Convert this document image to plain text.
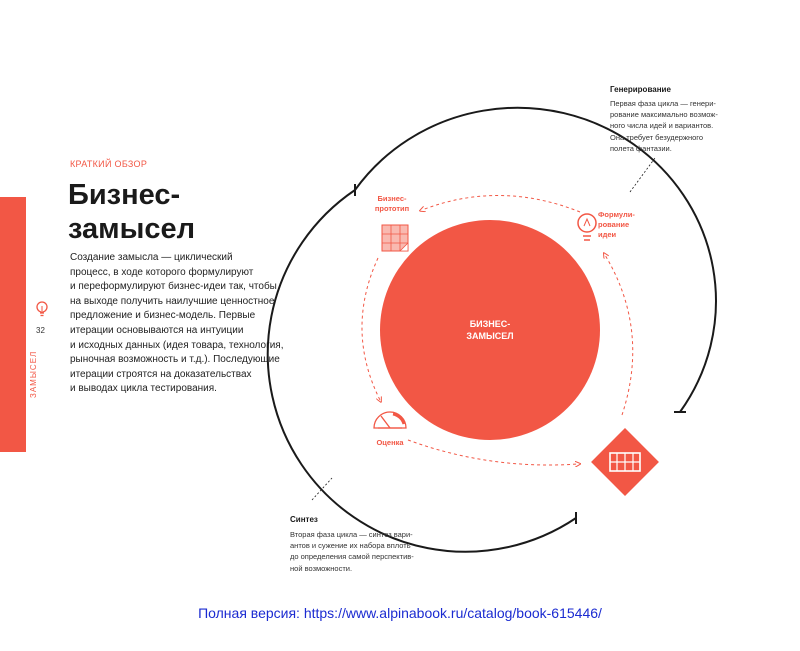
32
ЗАМЫСЕЛ
КРАТКИЙ ОБЗОР
Бизнес-
замысел

Создание замысла — циклический
процесс, в ходе которого формулируют
и переформулируют бизнес-идеи так, чтобы
на выходе получить наилучшие ценностное
предложение и бизнес-модель. Первые
итерации основываются на интуиции
и исходных данных (идея товара, технология,
рыночная возможность и т.д.). Последующие
итерации строятся на доказательствах
и выводах цикла тестирования.

БИЗНЕС-
ЗАМЫСЕЛ
Бизнес-
прототип
Формули-
рование
идеи
Оценка
Генерирование

Первая фаза цикла — генери-
рование максимально возмож-
ного числа идей и вариантов.
Она требует безудержного
полета фантазии.

Синтез

Вторая фаза цикла — синтез вари-
антов и сужение их набора вплоть
до определения самой перспектив-
ной возможности.

Полная версия: https://www.alpinabook.ru/catalog/book-615446/
